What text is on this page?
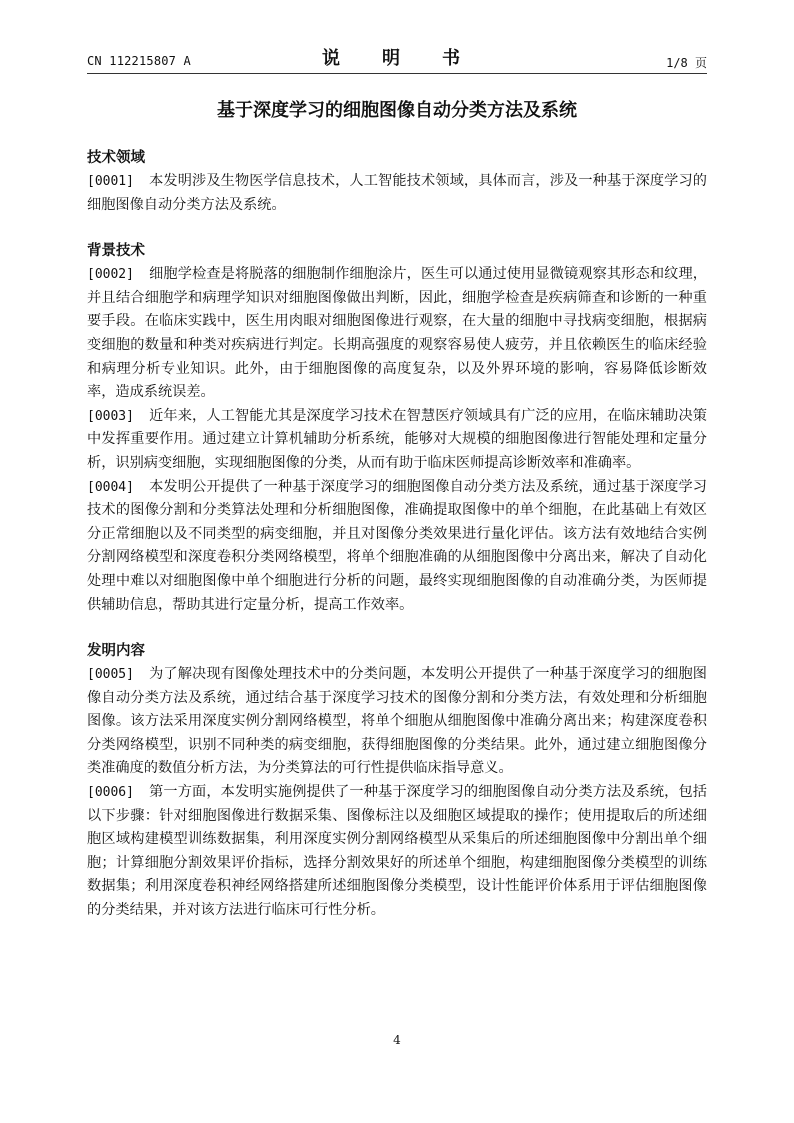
CN 112215807 A	说　明　书	1/8 页
基于深度学习的细胞图像自动分类方法及系统
技术领域

[0001] 本发明涉及生物医学信息技术，人工智能技术领域，具体而言，涉及一种基于深度学习的细胞图像自动分类方法及系统。

背景技术

[0002] 细胞学检查是将脱落的细胞制作细胞涂片，医生可以通过使用显微镜观察其形态和纹理，并且结合细胞学和病理学知识对细胞图像做出判断，因此，细胞学检查是疾病筛查和诊断的一种重要手段。在临床实践中，医生用肉眼对细胞图像进行观察，在大量的细胞中寻找病变细胞，根据病变细胞的数量和种类对疾病进行判定。长期高强度的观察容易使人疲劳，并且依赖医生的临床经验和病理分析专业知识。此外，由于细胞图像的高度复杂，以及外界环境的影响，容易降低诊断效率，造成系统误差。

[0003] 近年来，人工智能尤其是深度学习技术在智慧医疗领域具有广泛的应用，在临床辅助决策中发挥重要作用。通过建立计算机辅助分析系统，能够对大规模的细胞图像进行智能处理和定量分析，识别病变细胞，实现细胞图像的分类，从而有助于临床医师提高诊断效率和准确率。

[0004] 本发明公开提供了一种基于深度学习的细胞图像自动分类方法及系统，通过基于深度学习技术的图像分割和分类算法处理和分析细胞图像，准确提取图像中的单个细胞，在此基础上有效区分正常细胞以及不同类型的病变细胞，并且对图像分类效果进行量化评估。该方法有效地结合实例分割网络模型和深度卷积分类网络模型，将单个细胞准确的从细胞图像中分离出来，解决了自动化处理中难以对细胞图像中单个细胞进行分析的问题，最终实现细胞图像的自动准确分类，为医师提供辅助信息，帮助其进行定量分析，提高工作效率。

发明内容

[0005] 为了解决现有图像处理技术中的分类问题，本发明公开提供了一种基于深度学习的细胞图像自动分类方法及系统，通过结合基于深度学习技术的图像分割和分类方法，有效处理和分析细胞图像。该方法采用深度实例分割网络模型，将单个细胞从细胞图像中准确分离出来；构建深度卷积分类网络模型，识别不同种类的病变细胞，获得细胞图像的分类结果。此外，通过建立细胞图像分类准确度的数值分析方法，为分类算法的可行性提供临床指导意义。

[0006] 第一方面，本发明实施例提供了一种基于深度学习的细胞图像自动分类方法及系统，包括以下步骤：针对细胞图像进行数据采集、图像标注以及细胞区域提取的操作；使用提取后的所述细胞区域构建模型训练数据集，利用深度实例分割网络模型从采集后的所述细胞图像中分割出单个细胞；计算细胞分割效果评价指标，选择分割效果好的所述单个细胞，构建细胞图像分类模型的训练数据集；利用深度卷积神经网络搭建所述细胞图像分类模型，设计性能评价体系用于评估细胞图像的分类结果，并对该方法进行临床可行性分析。

4
